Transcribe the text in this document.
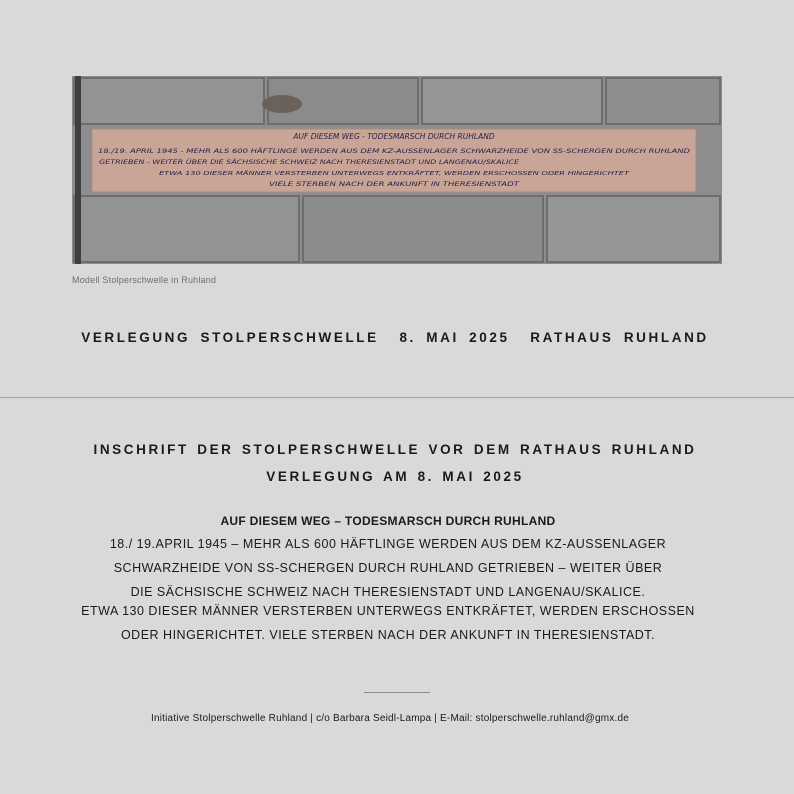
AUF DIESEM WEG - TODESMARSCH DURCH RUHLAND
18./19. APRIL 1945 - MEHR ALS 600 HÄFTLINGE WERDEN AUS DEM KZ-AUSSENLAGER SCHWARZHEIDE VON SS-SCHERGEN DURCH RUHLAND
GETRIEBEN - WEITER ÜBER DIE SÄCHSISCHE SCHWEIZ NACH THERESIENSTADT UND LANGENAU/SKALICE
ETWA 130 DIESER MÄNNER VERSTERBEN UNTERWEGS ENTKRÄFTET, WERDEN ERSCHOSSEN ODER HINGERICHTET
VIELE STERBEN NACH DER ANKUNFT IN THERESIENSTADT
Modell Stolperschwelle in Ruhland
VERLEGUNG STOLPERSCHWELLE  8. MAI 2025  RATHAUS RUHLAND
INSCHRIFT DER STOLPERSCHWELLE VOR DEM RATHAUS RUHLAND
VERLEGUNG AM 8. MAI 2025
AUF DIESEM WEG – TODESMARSCH DURCH RUHLAND
18./ 19.APRIL 1945 – MEHR ALS 600 HÄFTLINGE WERDEN AUS DEM KZ-AUSSENLAGER
SCHWARZHEIDE VON SS-SCHERGEN DURCH RUHLAND GETRIEBEN – WEITER ÜBER
DIE SÄCHSISCHE SCHWEIZ NACH THERESIENSTADT UND LANGENAU/SKALICE.
ETWA 130 DIESER MÄNNER VERSTERBEN UNTERWEGS ENTKRÄFTET, WERDEN ERSCHOSSEN
ODER HINGERICHTET. VIELE STERBEN NACH DER ANKUNFT IN THERESIENSTADT.
Initiative Stolperschwelle Ruhland | c/o Barbara Seidl-Lampa | E-Mail: stolperschwelle.ruhland@gmx.de
